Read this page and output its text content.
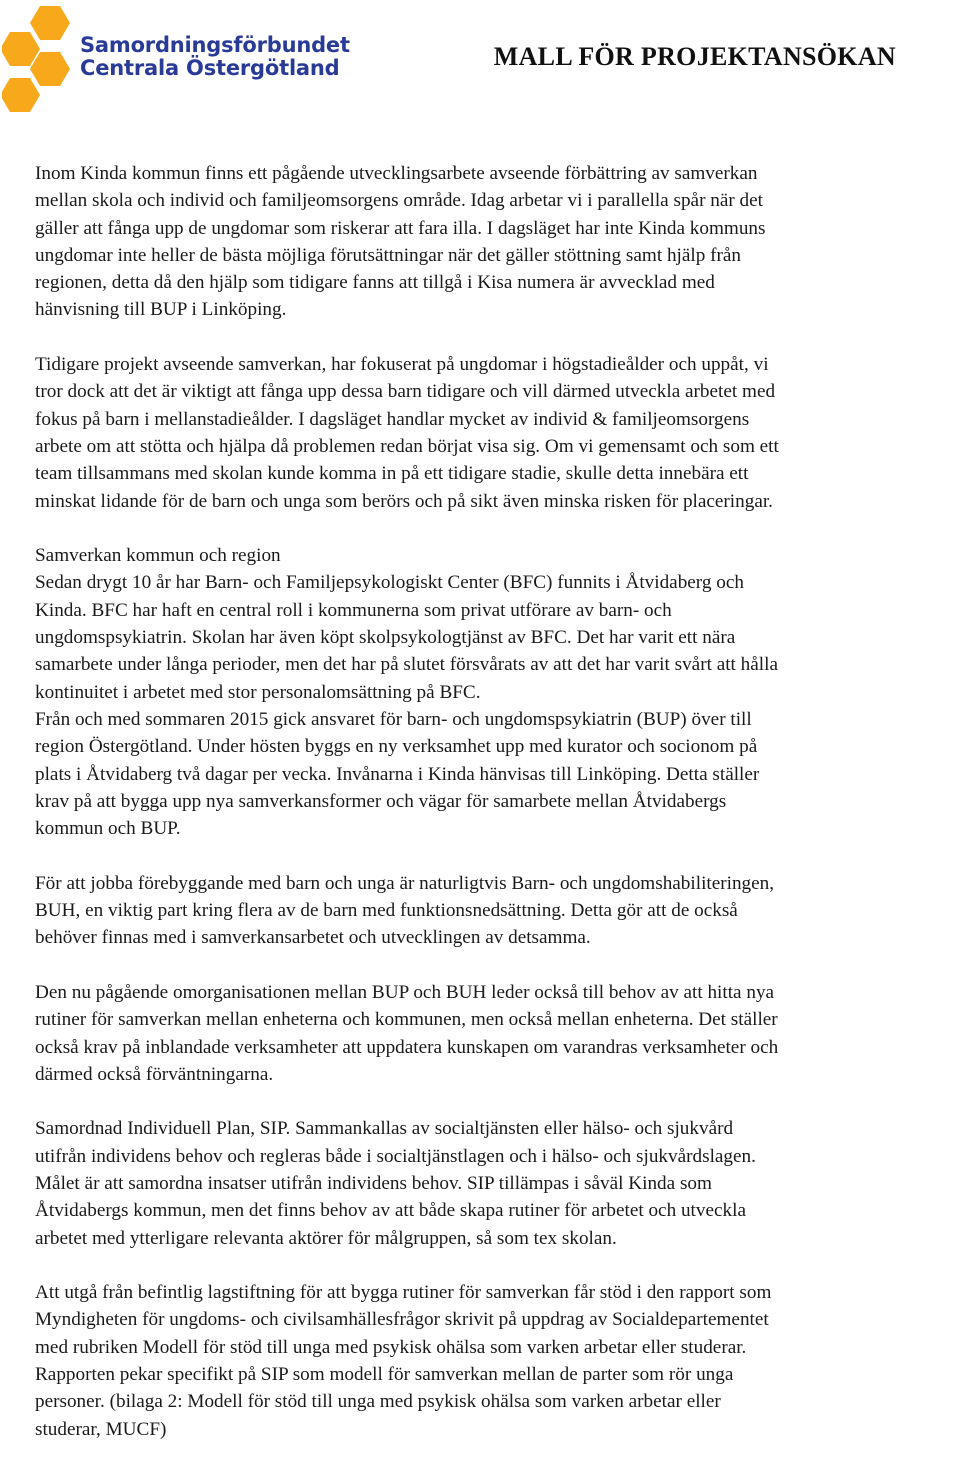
Samordningsförbundet
Centrala Östergötland	MALL FÖR PROJEKTANSÖKAN

Inom Kinda kommun finns ett pågående utvecklingsarbete avseende förbättring av samverkan
mellan skola och individ och familjeomsorgens område. Idag arbetar vi i parallella spår när det
gäller att fånga upp de ungdomar som riskerar att fara illa. I dagsläget har inte Kinda kommuns
ungdomar inte heller de bästa möjliga förutsättningar när det gäller stöttning samt hjälp från
regionen, detta då den hjälp som tidigare fanns att tillgå i Kisa numera är avvecklad med
hänvisning till BUP i Linköping.

Tidigare projekt avseende samverkan, har fokuserat på ungdomar i högstadieålder och uppåt, vi
tror dock att det är viktigt att fånga upp dessa barn tidigare och vill därmed utveckla arbetet med
fokus på barn i mellanstadieålder. I dagsläget handlar mycket av individ & familjeomsorgens
arbete om att stötta och hjälpa då problemen redan börjat visa sig. Om vi gemensamt och som ett
team tillsammans med skolan kunde komma in på ett tidigare stadie, skulle detta innebära ett
minskat lidande för de barn och unga som berörs och på sikt även minska risken för placeringar.

Samverkan kommun och region

Sedan drygt 10 år har Barn- och Familjepsykologiskt Center (BFC) funnits i Åtvidaberg och
Kinda. BFC har haft en central roll i kommunerna som privat utförare av barn- och
ungdomspsykiatrin. Skolan har även köpt skolpsykologtjänst av BFC. Det har varit ett nära
samarbete under långa perioder, men det har på slutet försvårats av att det har varit svårt att hålla
kontinuitet i arbetet med stor personalomsättning på BFC.

Från och med sommaren 2015 gick ansvaret för barn- och ungdomspsykiatrin (BUP) över till
region Östergötland. Under hösten byggs en ny verksamhet upp med kurator och socionom på
plats i Åtvidaberg två dagar per vecka. Invånarna i Kinda hänvisas till Linköping. Detta ställer
krav på att bygga upp nya samverkansformer och vägar för samarbete mellan Åtvidabergs
kommun och BUP.

För att jobba förebyggande med barn och unga är naturligtvis Barn- och ungdomshabiliteringen,
BUH, en viktig part kring flera av de barn med funktionsnedsättning. Detta gör att de också
behöver finnas med i samverkansarbetet och utvecklingen av detsamma.

Den nu pågående omorganisationen mellan BUP och BUH leder också till behov av att hitta nya
rutiner för samverkan mellan enheterna och kommunen, men också mellan enheterna. Det ställer
också krav på inblandade verksamheter att uppdatera kunskapen om varandras verksamheter och
därmed också förväntningarna.

Samordnad Individuell Plan, SIP. Sammankallas av socialtjänsten eller hälso- och sjukvård
utifrån individens behov och regleras både i socialtjänstlagen och i hälso- och sjukvårdslagen.
Målet är att samordna insatser utifrån individens behov. SIP tillämpas i såväl Kinda som
Åtvidabergs kommun, men det finns behov av att både skapa rutiner för arbetet och utveckla
arbetet med ytterligare relevanta aktörer för målgruppen, så som tex skolan.

Att utgå från befintlig lagstiftning för att bygga rutiner för samverkan får stöd i den rapport som
Myndigheten för ungdoms- och civilsamhällesfrågor skrivit på uppdrag av Socialdepartementet
med rubriken Modell för stöd till unga med psykisk ohälsa som varken arbetar eller studerar.
Rapporten pekar specifikt på SIP som modell för samverkan mellan de parter som rör unga
personer. (bilaga 2: Modell för stöd till unga med psykisk ohälsa som varken arbetar eller
studerar, MUCF)
